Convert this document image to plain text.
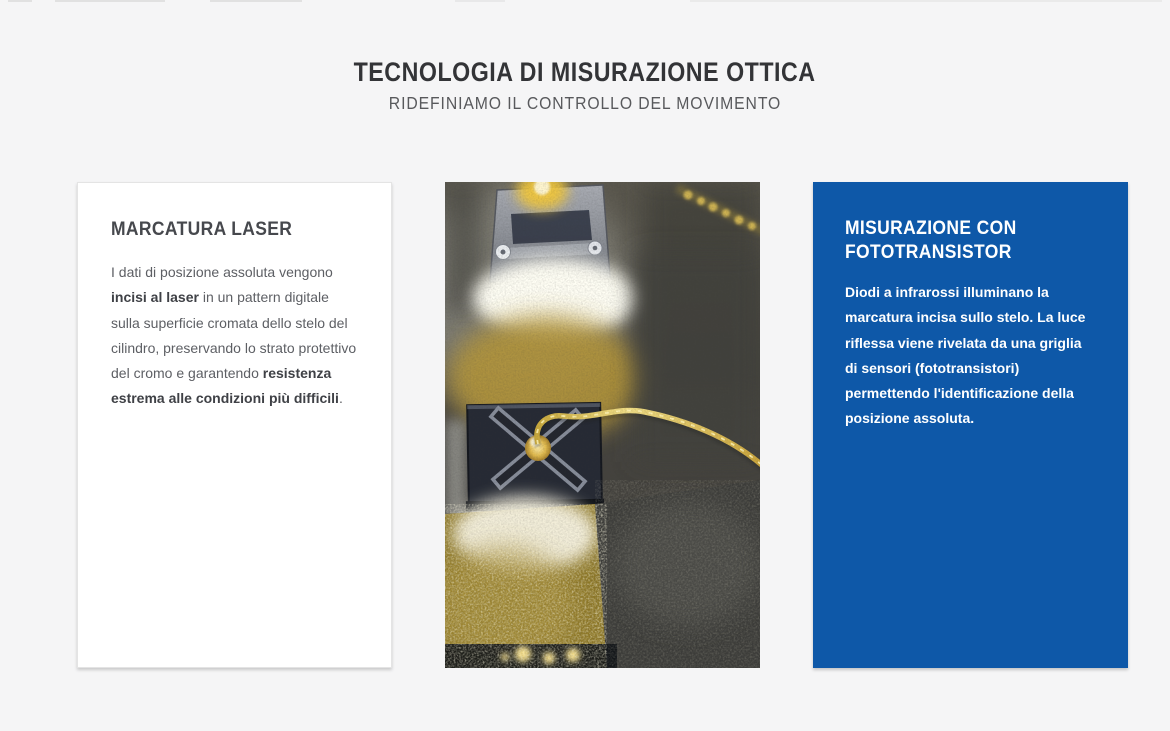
TECNOLOGIA DI MISURAZIONE OTTICA
RIDEFINIAMO IL CONTROLLO DEL MOVIMENTO
MARCATURA LASER

I dati di posizione assoluta vengono incisi al laser in un pattern digitale sulla superficie cromata dello stelo del cilindro, preservando lo strato protettivo del cromo e garantendo resistenza estrema alle condizioni più difficili.

MISURAZIONE CON FOTOTRANSISTOR

Diodi a infrarossi illuminano la marcatura incisa sullo stelo. La luce riflessa viene rivelata da una griglia di sensori (fototransistori) permettendo l'identificazione della posizione assoluta.
